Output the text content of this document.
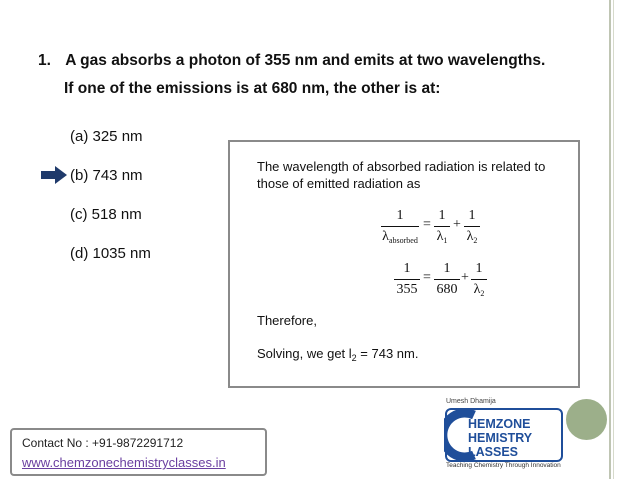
1. A gas absorbs a photon of 355 nm and emits at two wavelengths.
If one of the emissions is at 680 nm, the other is at:
(a) 325 nm
(b) 743 nm
(c) 518 nm
(d) 1035 nm
The wavelength of absorbed radiation is related to
those of emitted radiation as
1
$\lambda_{absorbed}$
=
1
$\lambda_1$
+
1
$\lambda_2$
1
355
=
1
680
+
1
$\lambda_2$
Therefore,
Solving, we get $l_2 = 743$ nm.
Contact No : +91-9872291712
www.chemzonechemistryclasses.in
Umesh Dhamija
HEMZONE
HEMISTRY
LASSES
Teaching Chemistry Through Innovation
